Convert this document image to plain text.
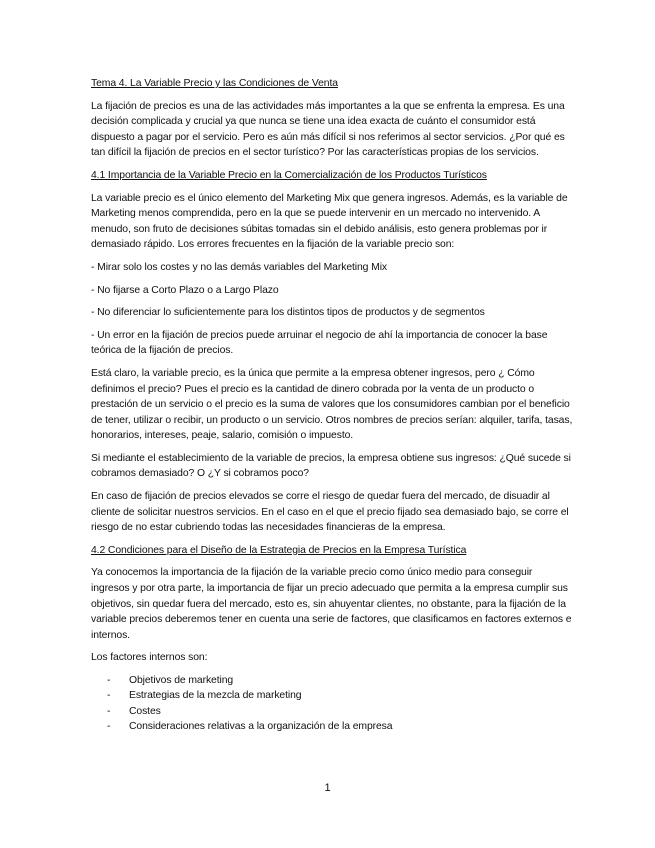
Tema 4. La Variable Precio y las Condiciones de Venta
La fijación de precios es una de las actividades más importantes a la que se enfrenta la empresa. Es una decisión complicada y crucial ya que nunca se tiene una idea exacta de cuánto el consumidor está dispuesto a pagar por el servicio. Pero es aún más difícil si nos referimos al sector servicios. ¿Por qué es tan difícil la fijación de precios en el sector turístico? Por las características propias de los servicios.
4.1 Importancia de la Variable Precio en la Comercialización de los Productos Turísticos
La variable precio es el único elemento del Marketing Mix que genera ingresos. Además, es la variable de Marketing menos comprendida, pero en la que se puede intervenir en un mercado no intervenido. A menudo, son fruto de decisiones súbitas tomadas sin el debido análisis, esto genera problemas por ir demasiado rápido. Los errores frecuentes en la fijación de la variable precio son:
- Mirar solo los costes y no las demás variables del Marketing Mix
- No fijarse a Corto Plazo o a Largo Plazo
- No diferenciar lo suficientemente para los distintos tipos de productos y de segmentos
- Un error en la fijación de precios puede arruinar el negocio de ahí la importancia de conocer la base teórica de la fijación de precios.
Está claro, la variable precio, es la única que permite a la empresa obtener ingresos, pero ¿ Cómo definimos el precio? Pues el precio es la cantidad de dinero cobrada por la venta de un producto o prestación de un servicio o el precio es la suma de valores que los consumidores cambian por el beneficio de tener, utilizar o recibir, un producto o un servicio. Otros nombres de precios serían: alquiler, tarifa, tasas, honorarios, intereses, peaje, salario, comisión o impuesto.
Si mediante el establecimiento de la variable de precios, la empresa obtiene sus ingresos: ¿Qué sucede si cobramos demasiado? O ¿Y si cobramos poco?
En caso de fijación de precios elevados se corre el riesgo de quedar fuera del mercado, de disuadir al cliente de solicitar nuestros servicios. En el caso en el que el precio fijado sea demasiado bajo, se corre el riesgo de no estar cubriendo todas las necesidades financieras de la empresa.
4.2 Condiciones para el Diseño de la Estrategia de Precios en la Empresa Turística
Ya conocemos la importancia de la fijación de la variable precio como único medio para conseguir ingresos y por otra parte, la importancia de fijar un precio adecuado que permita a la empresa cumplir sus objetivos, sin quedar fuera del mercado, esto es, sin ahuyentar clientes, no obstante, para la fijación de la variable precios deberemos tener en cuenta una serie de factores, que clasificamos en factores externos e internos.
Los factores internos son:
- Objetivos de marketing
- Estrategias de la mezcla de marketing
- Costes
- Consideraciones relativas a la organización de la empresa
1
